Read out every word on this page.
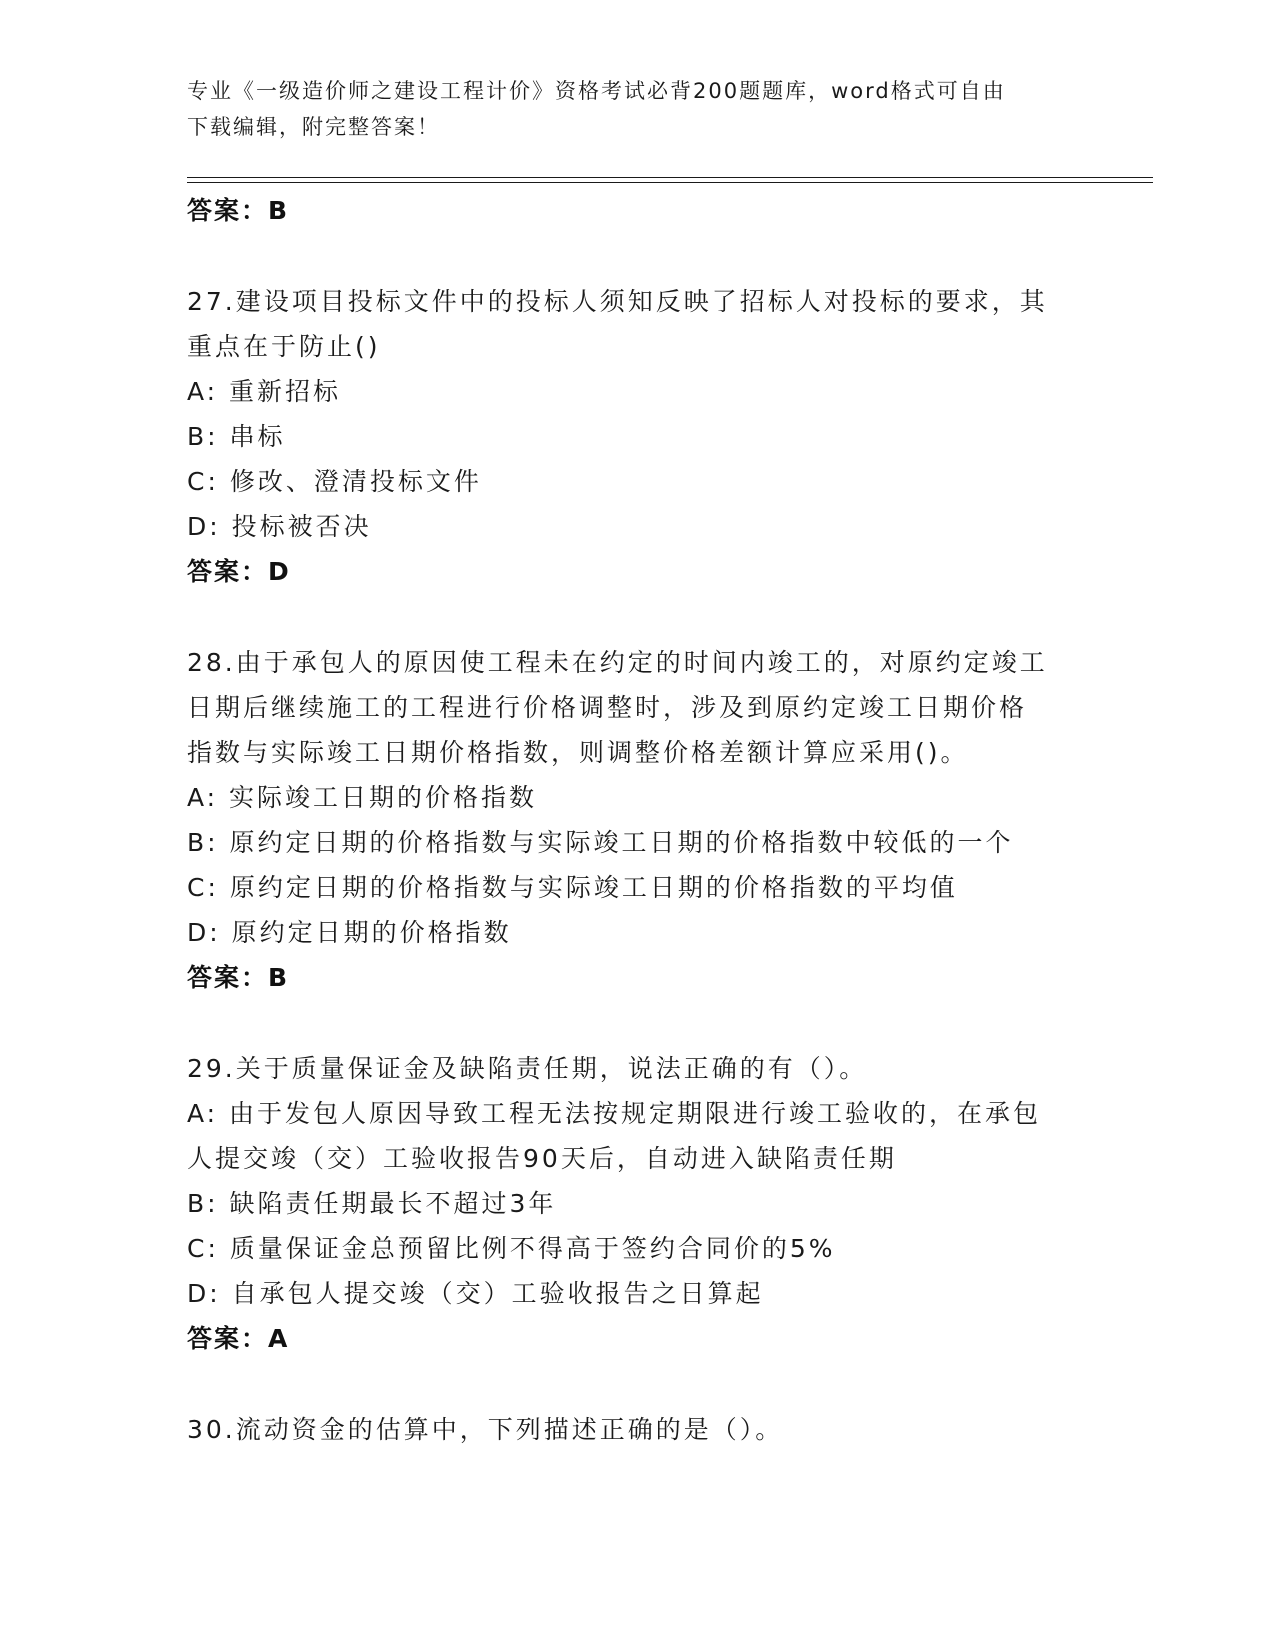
专业《一级造价师之建设工程计价》资格考试必背200题题库，word格式可自由
下载编辑，附完整答案！
答案：B
27.建设项目投标文件中的投标人须知反映了招标人对投标的要求，其
重点在于防止()
A: 重新招标
B: 串标
C: 修改、澄清投标文件
D: 投标被否决
答案：D
28.由于承包人的原因使工程未在约定的时间内竣工的，对原约定竣工
日期后继续施工的工程进行价格调整时，涉及到原约定竣工日期价格
指数与实际竣工日期价格指数，则调整价格差额计算应采用()。
A: 实际竣工日期的价格指数
B: 原约定日期的价格指数与实际竣工日期的价格指数中较低的一个
C: 原约定日期的价格指数与实际竣工日期的价格指数的平均值
D: 原约定日期的价格指数
答案：B
29.关于质量保证金及缺陷责任期，说法正确的有（）。
A: 由于发包人原因导致工程无法按规定期限进行竣工验收的，在承包
人提交竣（交）工验收报告90天后，自动进入缺陷责任期
B: 缺陷责任期最长不超过3年
C: 质量保证金总预留比例不得高于签约合同价的5%
D: 自承包人提交竣（交）工验收报告之日算起
答案：A
30.流动资金的估算中，下列描述正确的是（）。
